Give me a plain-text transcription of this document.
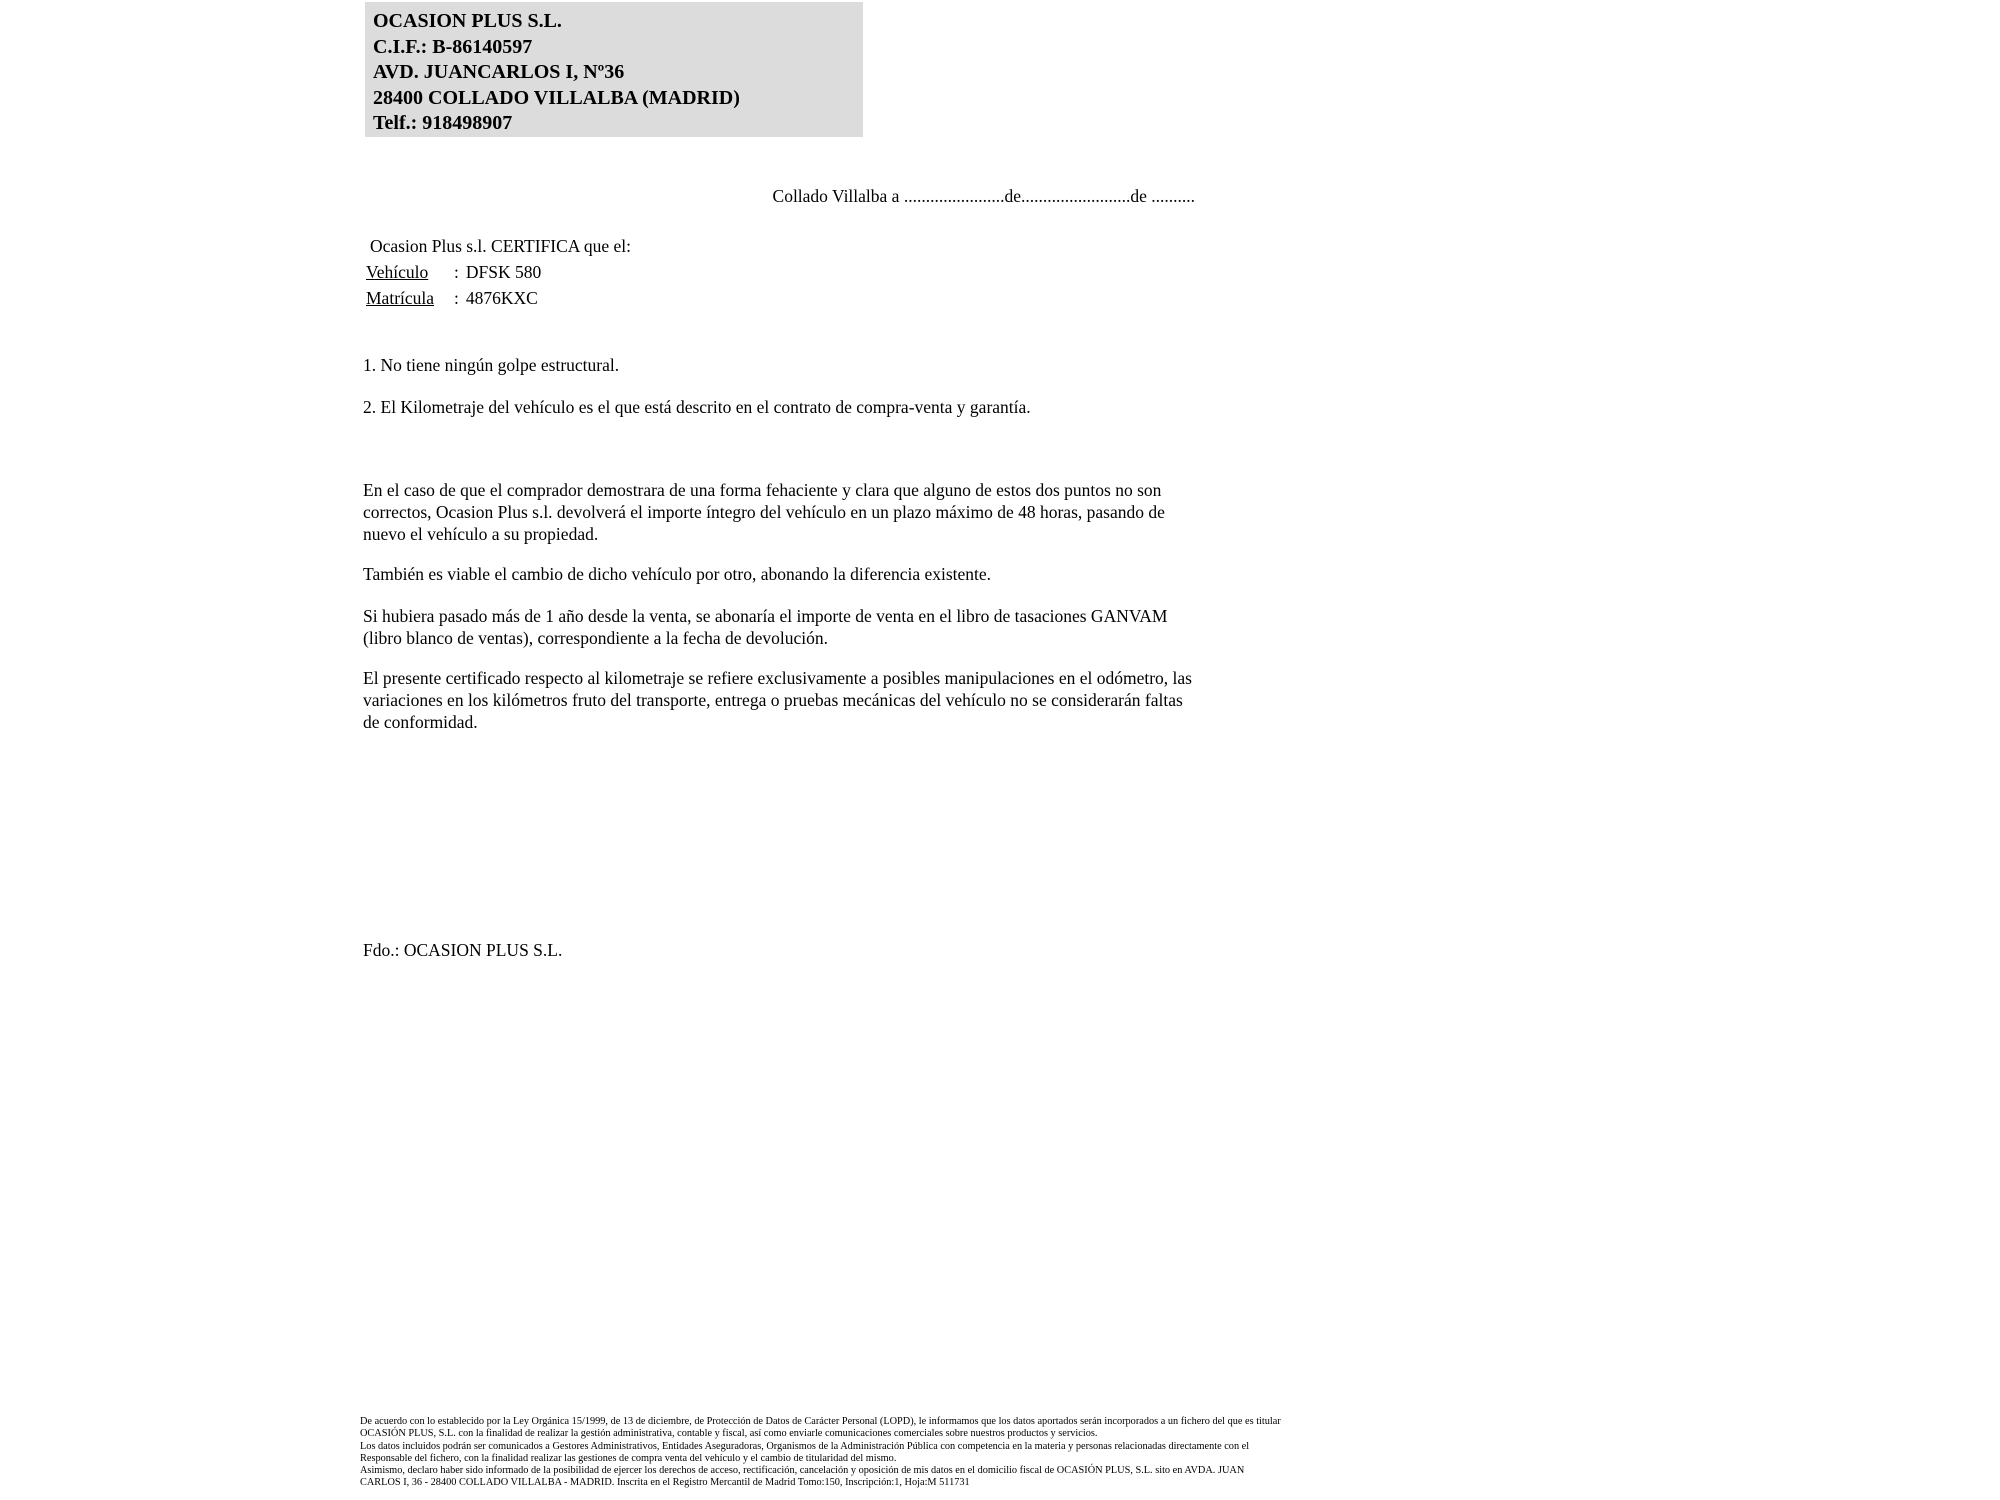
OCASION PLUS S.L.
C.I.F.: B-86140597
AVD. JUANCARLOS I, Nº36
28400 COLLADO VILLALBA (MADRID)
Telf.: 918498907
Collado Villalba a .......................de.........................de ..........
Ocasion Plus s.l. CERTIFICA que el:
Vehículo : DFSK 580
Matrícula : 4876KXC
1. No tiene ningún golpe estructural.
2. El Kilometraje del vehículo es el que está descrito en el contrato de compra-venta y garantía.
En el caso de que el comprador demostrara de una forma fehaciente y clara que alguno de estos dos puntos no son correctos, Ocasion Plus s.l. devolverá el importe íntegro del vehículo en un plazo máximo de 48 horas, pasando de nuevo el vehículo a su propiedad.
También es viable el cambio de dicho vehículo por otro, abonando la diferencia existente.
Si hubiera pasado más de 1 año desde la venta, se abonaría el importe de venta en el libro de tasaciones GANVAM (libro blanco de ventas), correspondiente a la fecha de devolución.
El presente certificado respecto al kilometraje se refiere exclusivamente a posibles manipulaciones en el odómetro, las variaciones en los kilómetros fruto del transporte, entrega o pruebas mecánicas del vehículo no se considerarán faltas de conformidad.
Fdo.: OCASION PLUS S.L.
De acuerdo con lo establecido por la Ley Orgánica 15/1999, de 13 de diciembre, de Protección de Datos de Carácter Personal (LOPD), le informamos que los datos aportados serán incorporados a un fichero del que es titular
OCASIÓN PLUS, S.L. con la finalidad de realizar la gestión administrativa, contable y fiscal, así como enviarle comunicaciones comerciales sobre nuestros productos y servicios.
Los datos incluidos podrán ser comunicados a Gestores Administrativos, Entidades Aseguradoras, Organismos de la Administración Pública con competencia en la materia y personas relacionadas directamente con el
Responsable del fichero, con la finalidad realizar las gestiones de compra venta del vehículo y el cambio de titularidad del mismo.
Asimismo, declaro haber sido informado de la posibilidad de ejercer los derechos de acceso, rectificación, cancelación y oposición de mis datos en el domicilio fiscal de OCASIÓN PLUS, S.L. sito en AVDA. JUAN
CARLOS I, 36 - 28400 COLLADO VILLALBA - MADRID. Inscrita en el Registro Mercantil de Madrid Tomo:150, Inscripción:1, Hoja:M 511731
